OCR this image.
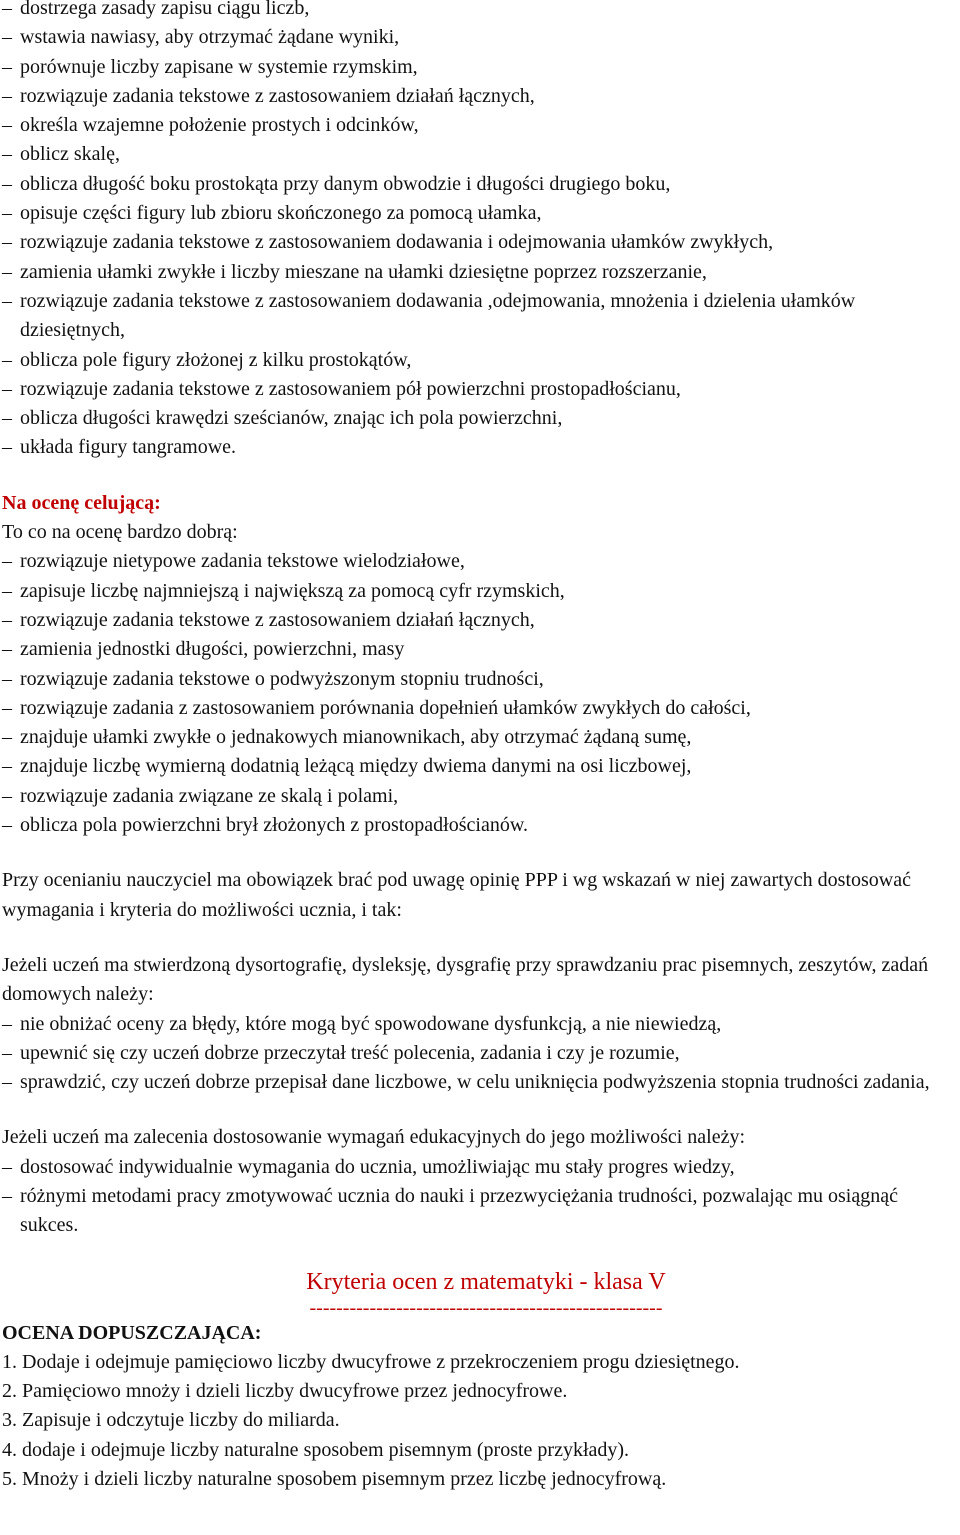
– dostrzega zasady zapisu ciągu liczb,
– wstawia nawiasy, aby otrzymać żądane wyniki,
– porównuje liczby zapisane w systemie rzymskim,
– rozwiązuje zadania tekstowe z zastosowaniem działań łącznych,
– określa wzajemne położenie prostych i odcinków,
– oblicz skalę,
– oblicza długość boku prostokąta przy danym obwodzie i długości drugiego boku,
– opisuje części figury lub zbioru skończonego za pomocą ułamka,
– rozwiązuje zadania tekstowe z zastosowaniem dodawania i odejmowania ułamków zwykłych,
– zamienia ułamki zwykłe i liczby mieszane na ułamki dziesiętne poprzez rozszerzanie,
– rozwiązuje zadania tekstowe z zastosowaniem dodawania ,odejmowania, mnożenia i dzielenia ułamków dziesiętnych,
– oblicza pole figury złożonej z kilku prostokątów,
– rozwiązuje zadania tekstowe z zastosowaniem pół powierzchni prostopadłościanu,
– oblicza długości krawędzi sześcianów, znając ich pola powierzchni,
– układa figury tangramowe.
Na ocenę celującą:

To co na ocenę bardzo dobrą:

– rozwiązuje nietypowe zadania tekstowe wielodziałowe,
– zapisuje liczbę najmniejszą i największą za pomocą cyfr rzymskich,
– rozwiązuje zadania tekstowe z zastosowaniem działań łącznych,
– zamienia jednostki długości, powierzchni, masy
– rozwiązuje zadania tekstowe o podwyższonym stopniu trudności,
– rozwiązuje zadania z zastosowaniem porównania dopełnień ułamków zwykłych do całości,
– znajduje ułamki zwykłe o jednakowych mianownikach, aby otrzymać żądaną sumę,
– znajduje liczbę wymierną dodatnią leżącą między dwiema danymi na osi liczbowej,
– rozwiązuje zadania związane ze skalą i polami,
– oblicza pola powierzchni brył złożonych z prostopadłościanów.

Przy ocenianiu nauczyciel ma obowiązek brać pod uwagę opinię PPP i wg wskazań w niej zawartych dostosować wymagania i kryteria do możliwości ucznia, i tak:

Jeżeli uczeń ma stwierdzoną dysortografię, dysleksję, dysgrafię przy sprawdzaniu prac pisemnych, zeszytów, zadań domowych należy:

– nie obniżać oceny za błędy, które mogą być spowodowane dysfunkcją, a nie niewiedzą,
– upewnić się czy uczeń dobrze przeczytał treść polecenia, zadania i czy je rozumie,
– sprawdzić, czy uczeń dobrze przepisał dane liczbowe, w celu uniknięcia podwyższenia stopnia trudności zadania,

Jeżeli uczeń ma zalecenia dostosowanie wymagań edukacyjnych do jego możliwości należy:

– dostosować indywidualnie wymagania do ucznia, umożliwiając mu stały progres wiedzy,
– różnymi metodami pracy zmotywować ucznia do nauki i przezwyciężania trudności, pozwalając mu osiągnąć sukces.
Kryteria ocen z matematyki - klasa V
-----------------------------------------------------
OCENA DOPUSZCZAJĄCA:
1. Dodaje i odejmuje pamięciowo liczby dwucyfrowe z przekroczeniem progu dziesiętnego.
2. Pamięciowo mnoży i dzieli liczby dwucyfrowe przez jednocyfrowe.
3. Zapisuje i odczytuje liczby do miliarda.
4. dodaje i odejmuje liczby naturalne sposobem pisemnym (proste przykłady).
5. Mnoży i dzieli liczby naturalne sposobem pisemnym przez liczbę jednocyfrową.
